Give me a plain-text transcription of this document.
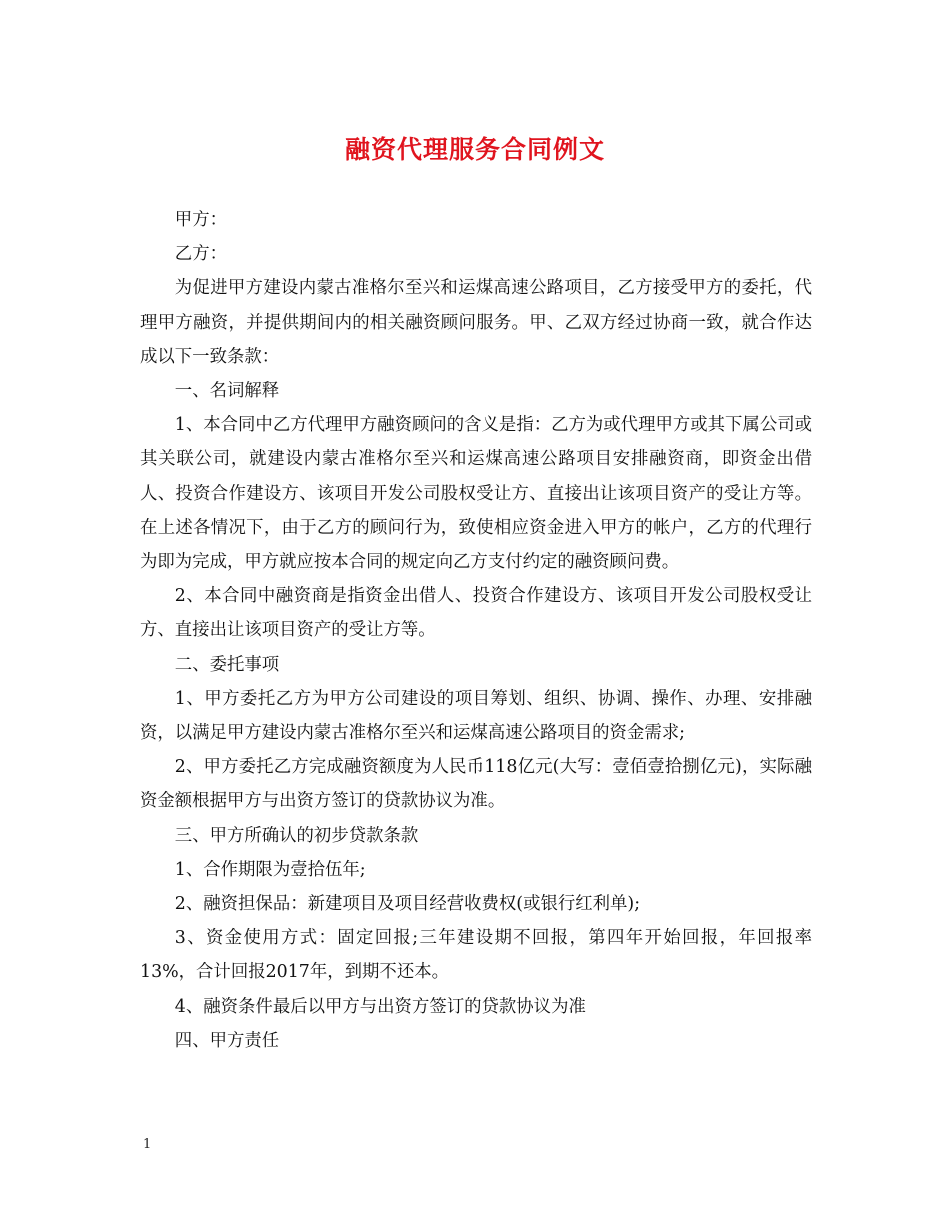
融资代理服务合同例文

甲方：

乙方：

为促进甲方建设内蒙古准格尔至兴和运煤高速公路项目，乙方接受甲方的委托，代理甲方融资，并提供期间内的相关融资顾问服务。甲、乙双方经过协商一致，就合作达成以下一致条款：

一、名词解释

1、本合同中乙方代理甲方融资顾问的含义是指：乙方为或代理甲方或其下属公司或其关联公司，就建设内蒙古准格尔至兴和运煤高速公路项目安排融资商，即资金出借人、投资合作建设方、该项目开发公司股权受让方、直接出让该项目资产的受让方等。在上述各情况下，由于乙方的顾问行为，致使相应资金进入甲方的帐户，乙方的代理行为即为完成，甲方就应按本合同的规定向乙方支付约定的融资顾问费。

2、本合同中融资商是指资金出借人、投资合作建设方、该项目开发公司股权受让方、直接出让该项目资产的受让方等。

二、委托事项

1、甲方委托乙方为甲方公司建设的项目筹划、组织、协调、操作、办理、安排融资，以满足甲方建设内蒙古准格尔至兴和运煤高速公路项目的资金需求;

2、甲方委托乙方完成融资额度为人民币118亿元(大写：壹佰壹拾捌亿元)，实际融资金额根据甲方与出资方签订的贷款协议为准。

三、甲方所确认的初步贷款条款

1、合作期限为壹拾伍年;

2、融资担保品：新建项目及项目经营收费权(或银行红利单);

3、资金使用方式：固定回报;三年建设期不回报，第四年开始回报，年回报率13%，合计回报2017年，到期不还本。

4、融资条件最后以甲方与出资方签订的贷款协议为准

四、甲方责任

1
